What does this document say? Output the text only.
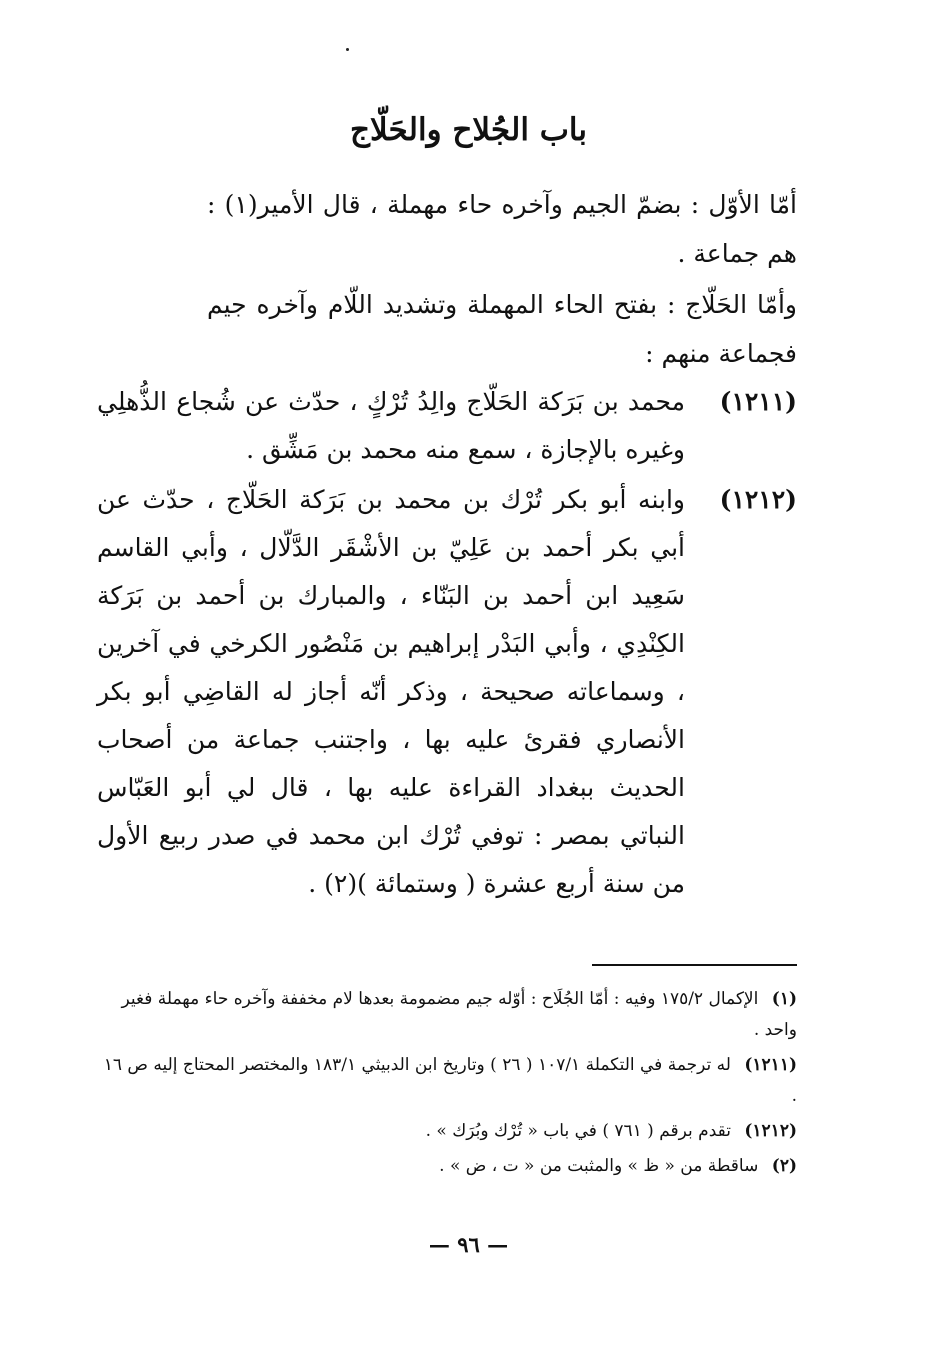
باب الجُلاح والحَلّاج
أمّا الأوّل : بضمّ الجيم وآخره حاء مهملة ، قال الأمير(١) : هم جماعة .
وأمّا الحَلّاج : بفتح الحاء المهملة وتشديد اللّام وآخره جيم فجماعة منهم :
(١٢١١)
محمد بن بَرَكة الحَلّاج والِدُ تُرْكٍ ، حدّث عن شُجاع الذُّهلِي وغيره بالإجازة ، سمع منه محمد بن مَشِّق .
(١٢١٢)
وابنه أبو بكر تُرْك بن محمد بن بَرَكة الحَلّاج ، حدّث عن أبي بكر أحمد بن عَلِيّ بن الأشْقَر الدَّلّال ، وأبي القاسم سَعِيد ابن أحمد بن البَنّاء ، والمبارك بن أحمد بن بَرَكة الكِنْدِي ، وأبي البَدْر إبراهيم بن مَنْصُور الكرخي في آخرين ، وسماعاته صحيحة ، وذكر أنّه أجاز له القاضِي أبو بكر الأنصاري فقرئ عليه بها ، واجتنب جماعة من أصحاب الحديث ببغداد القراءة عليه بها ، قال لي أبو العَبّاس النباتي بمصر : توفي تُرْك ابن محمد في صدر ربيع الأول من سنة أربع عشرة ( وستمائة )(٢) .
(١) الإكمال ١٧٥/٢ وفيه : أمّا الجُلَاح : أوّله جيم مضمومة بعدها لام مخففة وآخره حاء مهملة فغير واحد .
(١٢١١) له ترجمة في التكملة ١٠٧/١ ( ٢٦ ) وتاريخ ابن الدبيثي ١٨٣/١ والمختصر المحتاج إليه ص ١٦ .
(١٢١٢) تقدم برقم ( ٧٦١ ) في باب « تُرْك وبُرَك » .
(٢) ساقطة من « ظ » والمثبت من « ت ، ض » .
— ٩٦ —
